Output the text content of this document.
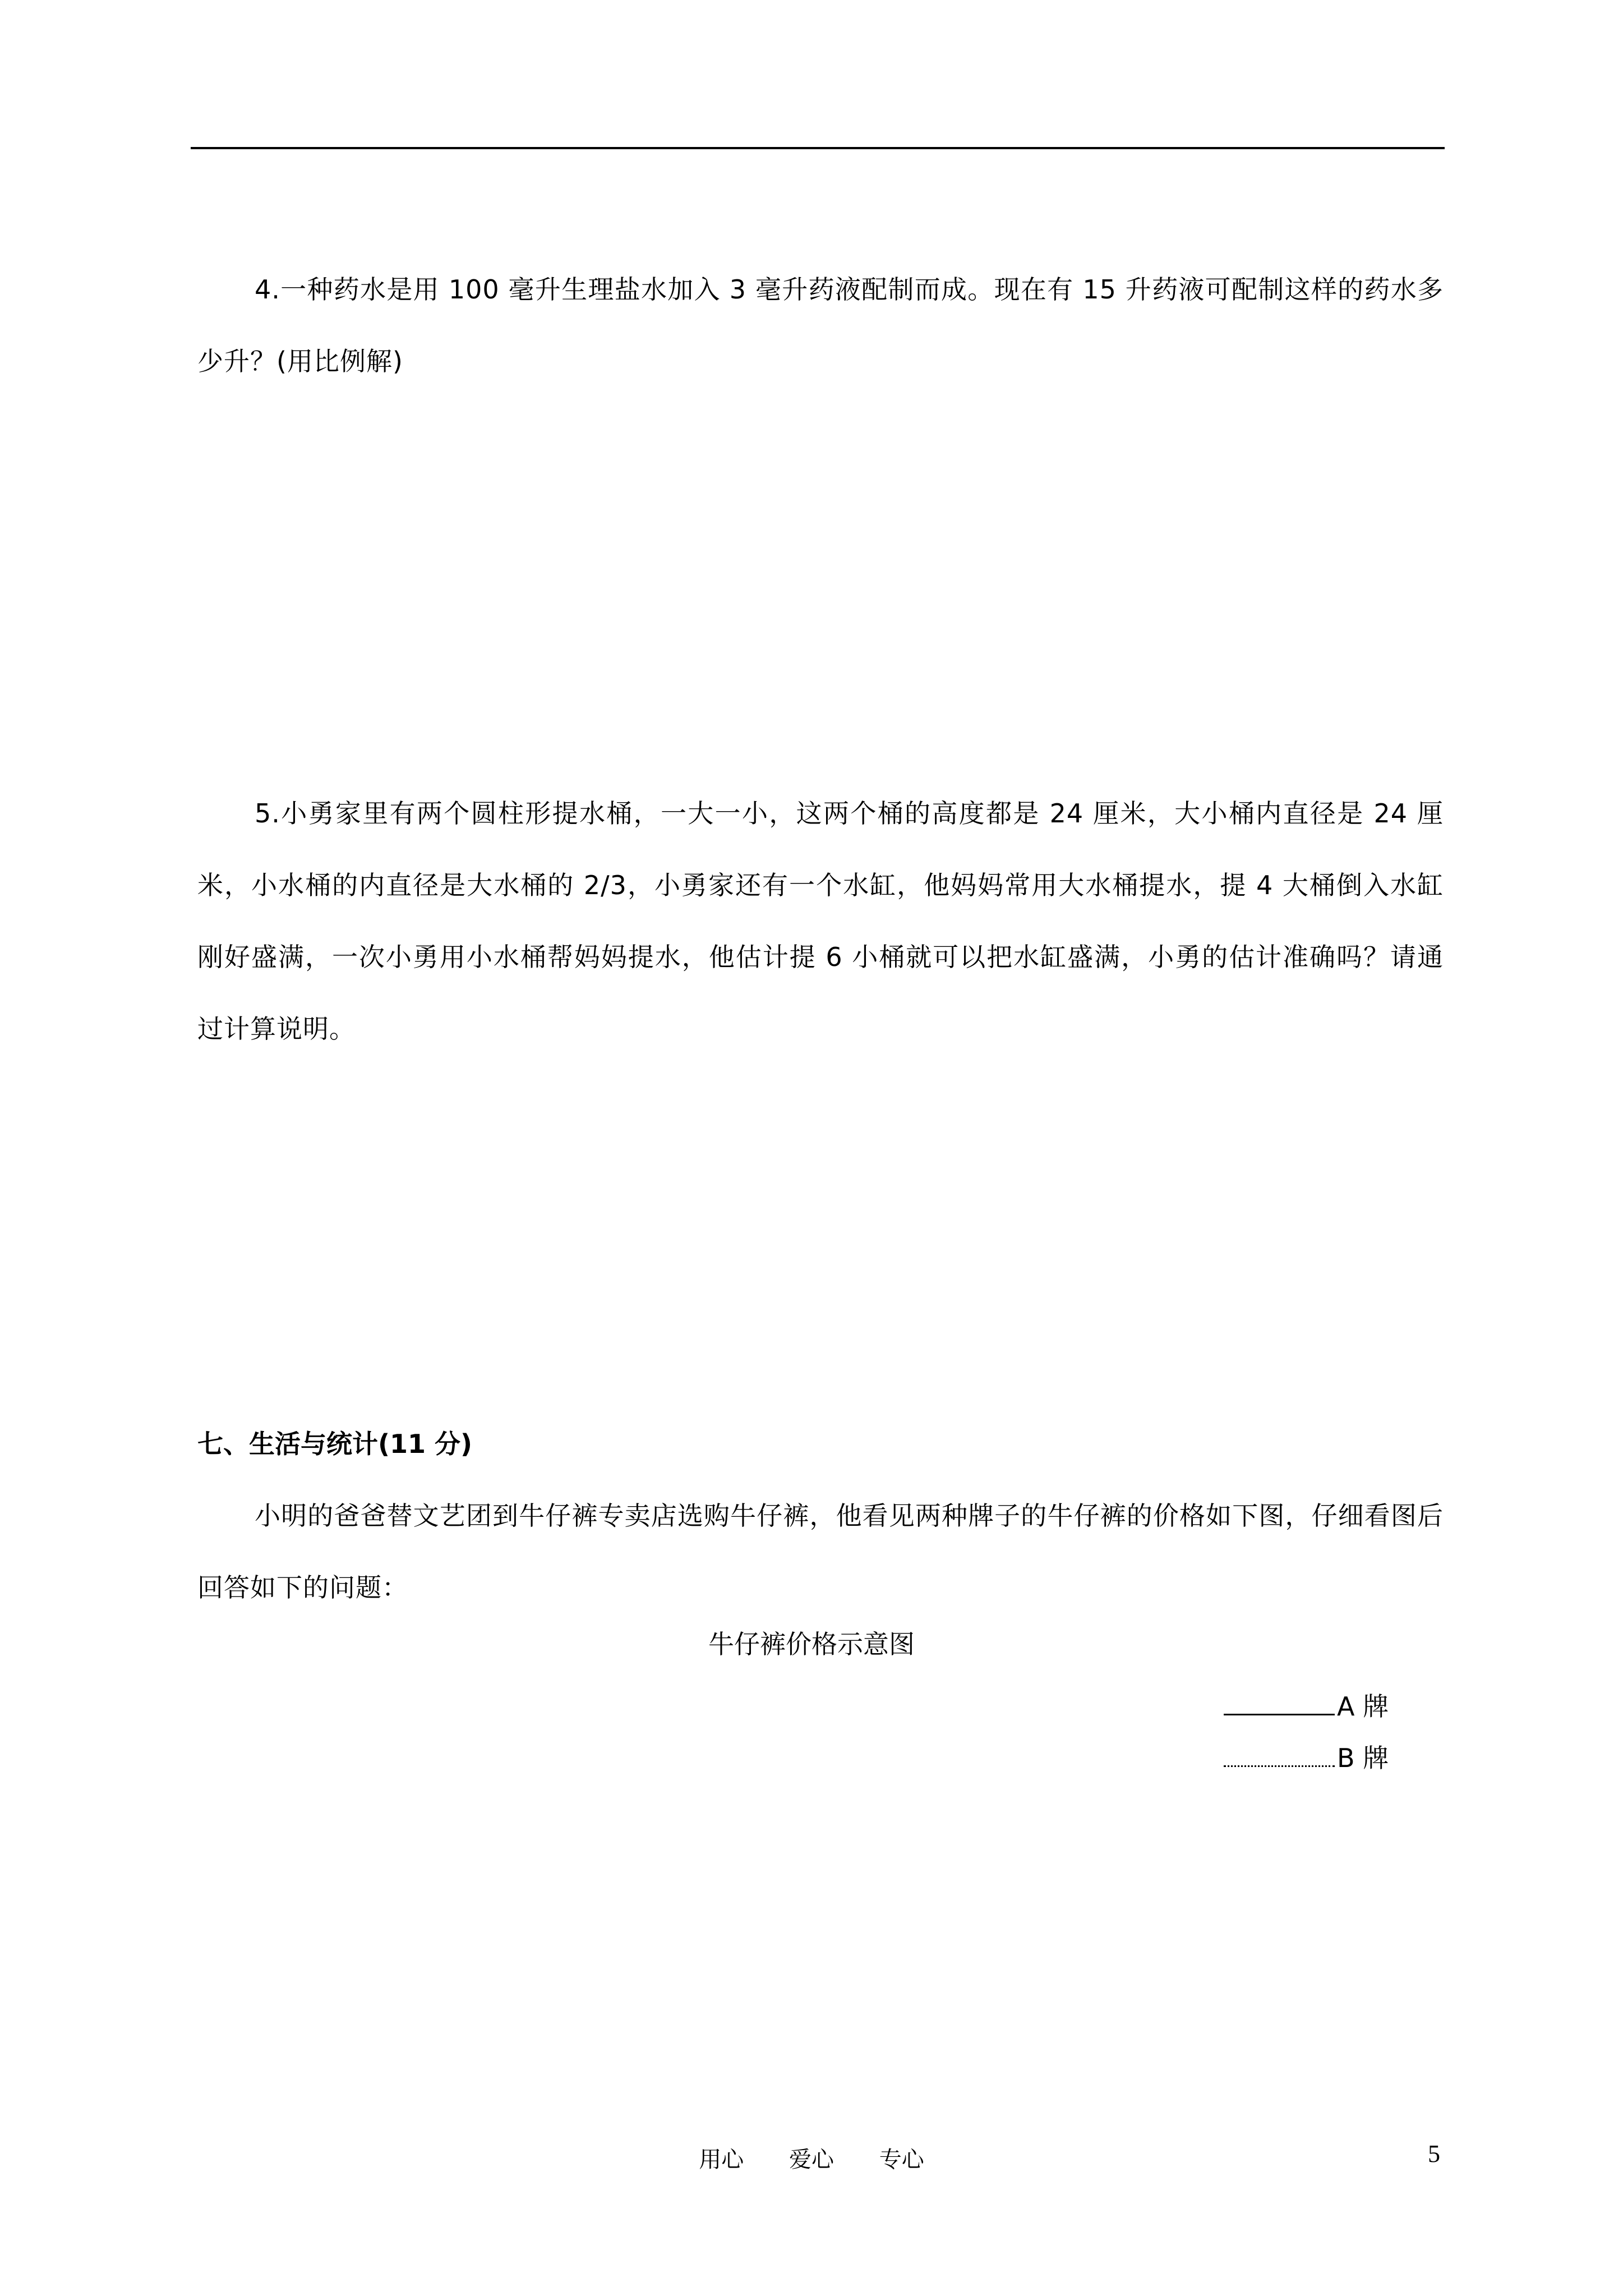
4.一种药水是用 100 毫升生理盐水加入 3 毫升药液配制而成。现在有 15 升药液可配制这样的药水多少升？(用比例解)

5.小勇家里有两个圆柱形提水桶，一大一小，这两个桶的高度都是 24 厘米，大小桶内直径是 24 厘米，小水桶的内直径是大水桶的 2/3，小勇家还有一个水缸，他妈妈常用大水桶提水，提 4 大桶倒入水缸刚好盛满，一次小勇用小水桶帮妈妈提水，他估计提 6 小桶就可以把水缸盛满，小勇的估计准确吗？请通过计算说明。

七、生活与统计(11 分)

小明的爸爸替文艺团到牛仔裤专卖店选购牛仔裤，他看见两种牌子的牛仔裤的价格如下图，仔细看图后回答如下的问题：

牛仔裤价格示意图

A 牌
B 牌
用心 爱心 专心	5
